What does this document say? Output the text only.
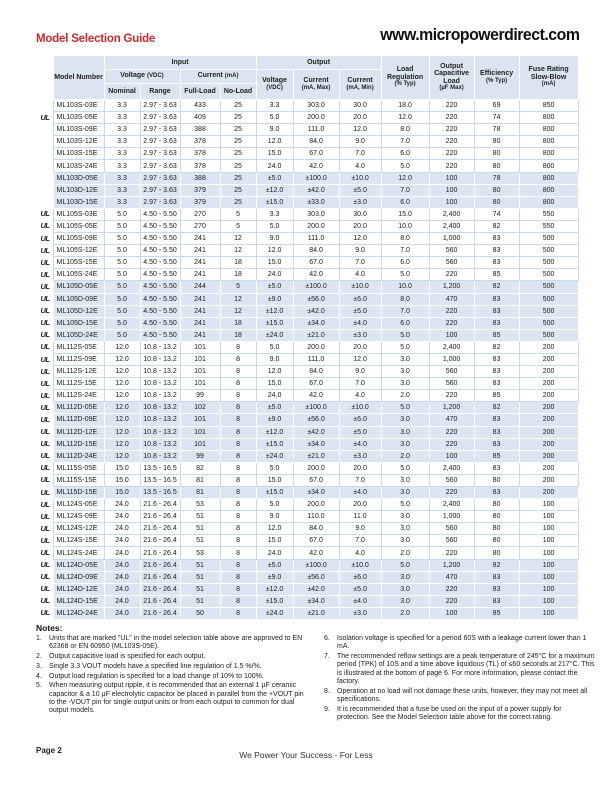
Model Selection Guide	www.micropowerdirect.com
	Model Number	Input				Output			Load Regulation
(% Typ)	Output Capacitive Load
(µF Max)	Efficiency
(% Typ)	Fuse Rating Slow-Blow
(mA)

		Voltage (VDC)		Current (mA)		Voltage
(VDC)	Current
(mA, Max)	Current
(mA, Min)				

		Nominal	Range	Full-Load	No-Load							
	ML103S-03E	3.3	2.97 - 3.63	433	25	3.3	303.0	30.0	18.0	220	69	850
UL	ML103S-05E	3.3	2.97 - 3.63	409	25	5.0	200.0	20.0	12.0	220	74	800
	ML103S-09E	3.3	2.97 - 3.63	388	25	9.0	111.0	12.0	8.0	220	78	800
	ML103S-12E	3.3	2.97 - 3.63	378	25	12.0	84.0	9.0	7.0	220	80	800
	ML103S-15E	3.3	2.97 - 3.63	378	25	15.0	67.0	7.0	6.0	220	80	800
	ML103S-24E	3.3	2.97 - 3.63	378	25	24.0	42.0	4.0	5.0	220	80	800
	ML103D-05E	3.3	2.97 - 3.63	388	25	±5.0	±100.0	±10.0	12.0	100	78	800
	ML103D-12E	3.3	2.97 - 3.63	379	25	±12.0	±42.0	±5.0	7.0	100	80	800
	ML103D-15E	3.3	2.97 - 3.63	379	25	±15.0	±33.0	±3.0	6.0	100	80	800
UL	ML105S-03E	5.0	4.50 - 5.50	270	5	3.3	303.0	30.0	15.0	2,400	74	550
UL	ML105S-05E	5.0	4.50 - 5.50	270	5	5.0	200.0	20.0	10.0	2,400	82	550
UL	ML105S-09E	5.0	4.50 - 5.50	241	12	9.0	111.0	12.0	8.0	1,000	83	500
UL	ML105S-12E	5.0	4.50 - 5.50	241	12	12.0	84.0	9.0	7.0	560	83	500
UL	ML105S-15E	5.0	4.50 - 5.50	241	18	15.0	67.0	7.0	6.0	560	83	500
UL	ML105S-24E	5.0	4.50 - 5.50	241	18	24.0	42.0	4.0	5.0	220	85	500
UL	ML105D-05E	5.0	4.50 - 5.50	244	5	±5.0	±100.0	±10.0	10.0	1,200	82	500
UL	ML105D-09E	5.0	4.50 - 5.50	241	12	±9.0	±56.0	±6.0	8.0	470	83	500
UL	ML105D-12E	5.0	4.50 - 5.50	241	12	±12.0	±42.0	±5.0	7.0	220	83	500
UL	ML105D-15E	5.0	4.50 - 5.50	241	18	±15.0	±34.0	±4.0	6.0	220	83	500
UL	ML105D-24E	5.0	4.50 - 5.50	241	18	±24.0	±21.0	±3.0	5.0	100	85	500
UL	ML112S-05E	12.0	10.8 - 13.2	101	8	5.0	200.0	20.0	5.0	2,400	82	200
UL	ML112S-09E	12.0	10.8 - 13.2	101	8	9.0	111.0	12.0	3.0	1,000	83	200
UL	ML112S-12E	12.0	10.8 - 13.2	101	8	12.0	84.0	9.0	3.0	560	83	200
UL	ML112S-15E	12.0	10.8 - 13.2	101	8	15.0	67.0	7.0	3.0	560	83	200
UL	ML112S-24E	12.0	10.8 - 13.2	99	8	24.0	42.0	4.0	2.0	220	85	200
UL	ML112D-05E	12.0	10.8 - 13.2	102	8	±5.0	±100.0	±10.0	5.0	1,200	82	200
UL	ML112D-09E	12.0	10.8 - 13.2	101	8	±9.0	±56.0	±6.0	3.0	470	83	200
UL	ML112D-12E	12.0	10.8 - 13.2	101	8	±12.0	±42.0	±5.0	3.0	220	83	200
UL	ML112D-15E	12.0	10.8 - 13.2	101	8	±15.0	±34.0	±4.0	3.0	220	83	200
UL	ML112D-24E	12.0	10.8 - 13.2	99	8	±24.0	±21.0	±3.0	2.0	100	85	200
UL	ML115S-05E	15.0	13.5 - 16.5	82	8	5.0	200.0	20.0	5.0	2,400	83	200
UL	ML115S-15E	15.0	13.5 - 16.5	81	8	15.0	67.0	7.0	3.0	560	80	200
UL	ML115D-15E	15.0	13.5 - 16.5	81	8	±15.0	±34.0	±4.0	3.0	220	83	200
UL	ML124S-05E	24.0	21.6 - 26.4	53	8	5.0	200.0	20.0	5.0	2,400	80	100
UL	ML124S-09E	24.0	21.6 - 26.4	51	8	9.0	110.0	11.0	3.0	1,000	80	100
UL	ML124S-12E	24.0	21.6 - 26.4	51	8	12.0	84.0	9.0	3.0	560	80	100
UL	ML124S-15E	24.0	21.6 - 26.4	51	8	15.0	67.0	7.0	3.0	560	80	100
UL	ML124S-24E	24.0	21.6 - 26.4	53	8	24.0	42.0	4.0	2.0	220	80	100
UL	ML124D-05E	24.0	21.6 - 26.4	51	8	±5.0	±100.0	±10.0	5.0	1,200	82	100
UL	ML124D-09E	24.0	21.6 - 26.4	51	8	±9.0	±56.0	±6.0	3.0	470	83	100
UL	ML124D-12E	24.0	21.6 - 26.4	51	8	±12.0	±42.0	±5.0	3.0	220	83	100
UL	ML124D-15E	24.0	21.6 - 26.4	51	8	±15.0	±34.0	±4.0	3.0	220	83	100
UL	ML124D-24E	24.0	21.6 - 26.4	50	8	±24.0	±21.0	±3.0	2.0	100	85	100
Notes:
1.	Units that are marked "UL" in the model selection table above are approved to EN 62368 or EN 60950 (ML103S-05E).
2.	Output capacitive load is specified for each output.
3.	Single 3.3 VOUT models have a specified line regulation of 1.5 %/%.
4.	Output load regulation is specified for a load change of 10% to 100%.
5.	When measuring output ripple, it is recommended that an external 1 µF ceramic capacitor & a 10 µF electrolytic capacitor be placed in parallel from the +VOUT pin to the -VOUT pin for single output units or from each output to common for dual output models.
6.	Isolation voltage is specified for a period 60S with a leakage current lower than 1 mA.
7.	The recommended reflow settings are a peak temperature of 245°C for a maximum period (TPK) of 10S and a time above liquidous (TL) of ≤60 seconds at 217°C. This is illustrated at the bottom of page 6. For more information, please contact the factory.
8.	Operation at no load will not damage these units, however, they may not meet all specifications.
9.	It is recommended that a fuse be used on the input of a power supply for protection. See the Model Selection table above for the correct rating.
Page 2	We Power Your Success - For Less
